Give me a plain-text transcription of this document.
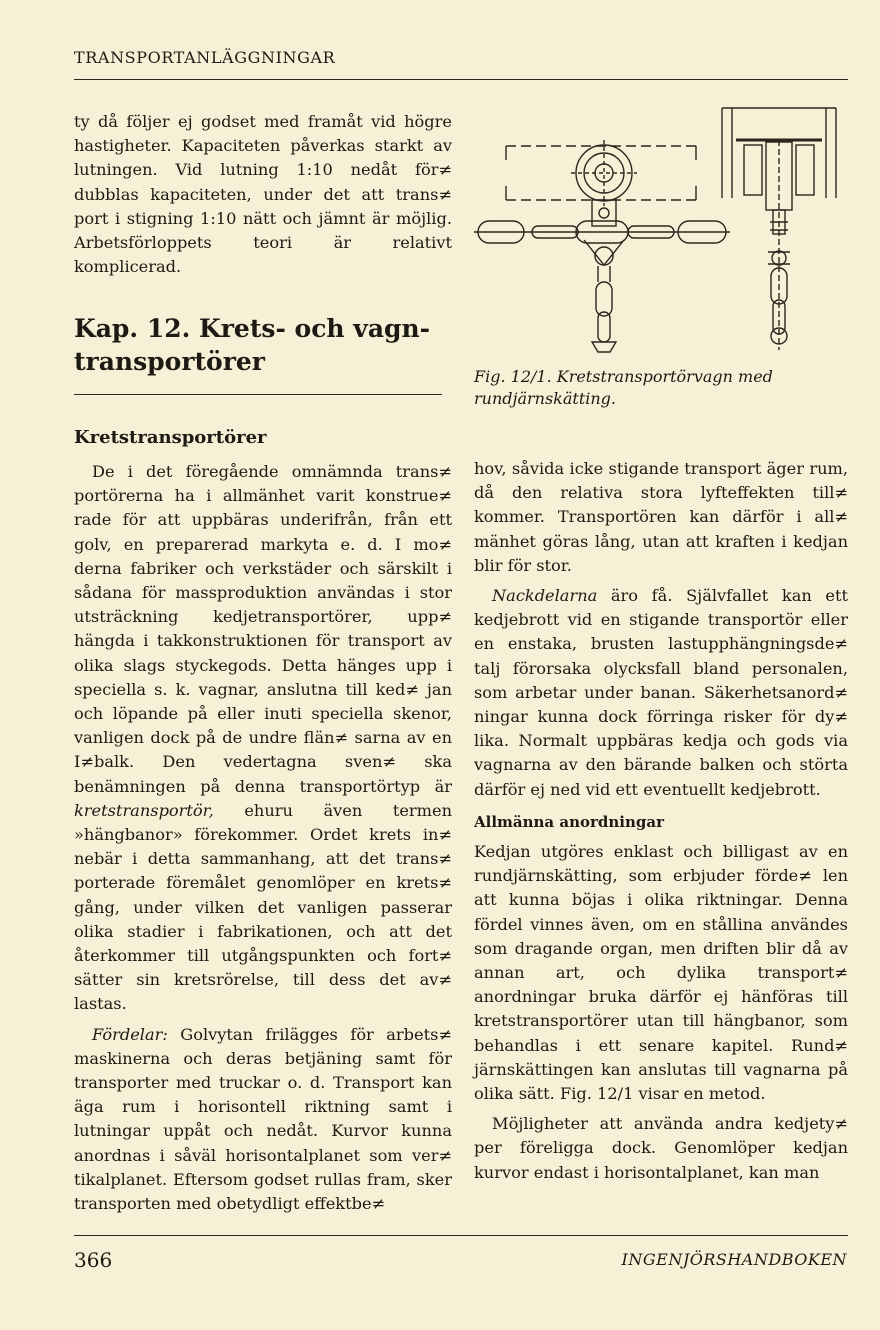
TRANSPORTANLÄGGNINGAR

ty då följer ej godset med framåt vid högre hastigheter. Kapaciteten påverkas starkt av lutningen. Vid lutning 1:10 nedåt för≠ dubblas kapaciteten, under det att trans≠ port i stigning 1:10 nätt och jämnt är möjlig. Arbetsförloppets teori är relativt komplicerad.

Kap. 12. Krets- och vagn-transportörer
Kretstransportörer

De i det föregående omnämnda trans≠ portörerna ha i allmänhet varit konstrue≠ rade för att uppbäras underifrån, från ett golv, en preparerad markyta e. d. I mo≠ derna fabriker och verkstäder och särskilt i sådana för massproduktion användas i stor utsträckning kedjetransportörer, upp≠ hängda i takkonstruktionen för transport av olika slags styckegods. Detta hänges upp i speciella s. k. vagnar, anslutna till ked≠ jan och löpande på eller inuti speciella skenor, vanligen dock på de undre flän≠ sarna av en I≠balk. Den vedertagna sven≠ ska benämningen på denna transportörtyp är kretstransportör, ehuru även termen »hängbanor» förekommer. Ordet krets in≠ nebär i detta sammanhang, att det trans≠ porterade föremålet genomlöper en krets≠ gång, under vilken det vanligen passerar olika stadier i fabrikationen, och att det återkommer till utgångspunkten och fort≠ sätter sin kretsrörelse, till dess det av≠ lastas.

Fördelar: Golvytan frilägges för arbets≠ maskinerna och deras betjäning samt för transporter med truckar o. d. Transport kan äga rum i horisontell riktning samt i lutningar uppåt och nedåt. Kurvor kunna anordnas i såväl horisontalplanet som ver≠ tikalplanet. Eftersom godset rullas fram, sker transporten med obetydligt effektbe≠

Fig. 12/1. Kretstransportörvagn med rundjärnskätting.

hov, såvida icke stigande transport äger rum, då den relativa stora lyfteffekten till≠ kommer. Transportören kan därför i all≠ mänhet göras lång, utan att kraften i kedjan blir för stor.

Nackdelarna äro få. Självfallet kan ett kedjebrott vid en stigande transportör eller en enstaka, brusten lastupphängningsde≠ talj förorsaka olycksfall bland personalen, som arbetar under banan. Säkerhetsanord≠ ningar kunna dock förringa risker för dy≠ lika. Normalt uppbäras kedja och gods via vagnarna av den bärande balken och störta därför ej ned vid ett eventuellt kedjebrott.

Allmänna anordningar

Kedjan utgöres enklast och billigast av en rundjärnskätting, som erbjuder förde≠ len att kunna böjas i olika riktningar. Denna fördel vinnes även, om en stållina användes som dragande organ, men driften blir då av annan art, och dylika transport≠ anordningar bruka därför ej hänföras till kretstransportörer utan till hängbanor, som behandlas i ett senare kapitel. Rund≠ järnskättingen kan anslutas till vagnarna på olika sätt. Fig. 12/1 visar en metod.

Möjligheter att använda andra kedjety≠ per föreligga dock. Genomlöper kedjan kurvor endast i horisontalplanet, kan man

366	INGENJÖRSHANDBOKEN
